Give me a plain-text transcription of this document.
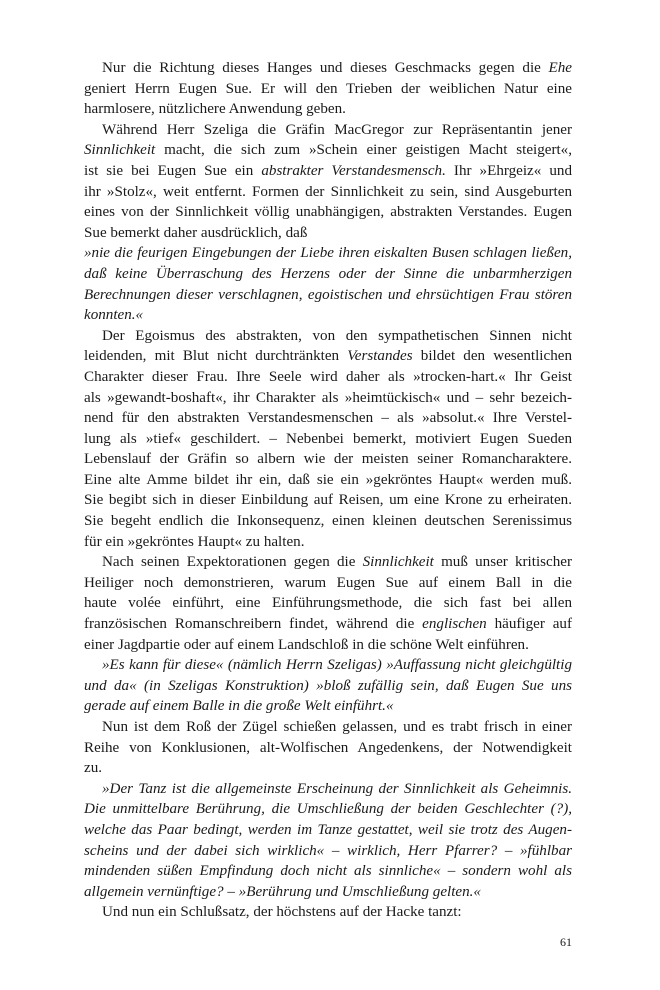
Nur die Richtung dieses Hanges und dieses Geschmacks gegen die Ehe
geniert Herrn Eugen Sue. Er will den Trieben der weiblichen Natur eine
harmlosere, nützlichere Anwendung geben.
Während Herr Szeliga die Gräfin MacGregor zur Repräsentantin jener
Sinnlichkeit macht, die sich zum »Schein einer geistigen Macht steigert«,
ist sie bei Eugen Sue ein abstrakter Verstandesmensch. Ihr »Ehrgeiz« und
ihr »Stolz«, weit entfernt. Formen der Sinnlichkeit zu sein, sind Ausgeburten
eines von der Sinnlichkeit völlig unabhängigen, abstrakten Verstandes. Eugen
Sue bemerkt daher ausdrücklich, daß
»nie die feurigen Eingebungen der Liebe ihren eiskalten Busen schlagen ließen,
daß keine Überraschung des Herzens oder der Sinne die unbarmherzigen
Berechnungen dieser verschlagnen, egoistischen und ehrsüchtigen Frau stören
konnten.«
Der Egoismus des abstrakten, von den sympathetischen Sinnen nicht
leidenden, mit Blut nicht durchtränkten Verstandes bildet den wesentlichen
Charakter dieser Frau. Ihre Seele wird daher als »trocken-hart.« Ihr Geist
als »gewandt-boshaft«, ihr Charakter als »heimtückisch« und – sehr bezeich-
nend für den abstrakten Verstandesmenschen – als »absolut.« Ihre Verstel-
lung als »tief« geschildert. – Nebenbei bemerkt, motiviert Eugen Sueden
Lebenslauf der Gräfin so albern wie der meisten seiner Romancharaktere.
Eine alte Amme bildet ihr ein, daß sie ein »gekröntes Haupt« werden muß.
Sie begibt sich in dieser Einbildung auf Reisen, um eine Krone zu erheiraten.
Sie begeht endlich die Inkonsequenz, einen kleinen deutschen Serenissimus
für ein »gekröntes Haupt« zu halten.
Nach seinen Expektorationen gegen die Sinnlichkeit muß unser kritischer
Heiliger noch demonstrieren, warum Eugen Sue auf einem Ball in die
haute volée einführt, eine Einführungsmethode, die sich fast bei allen
französischen Romanschreibern findet, während die englischen häufiger auf
einer Jagdpartie oder auf einem Landschloß in die schöne Welt einführen.
»Es kann für diese« (nämlich Herrn Szeligas) »Auffassung nicht gleichgültig
und da« (in Szeligas Konstruktion) »bloß zufällig sein, daß Eugen Sue uns
gerade auf einem Balle in die große Welt einführt.«
Nun ist dem Roß der Zügel schießen gelassen, und es trabt frisch in einer
Reihe von Konklusionen, alt-Wolfischen Angedenkens, der Notwendigkeit
zu.
»Der Tanz ist die allgemeinste Erscheinung der Sinnlichkeit als Geheimnis.
Die unmittelbare Berührung, die Umschließung der beiden Geschlechter (?),
welche das Paar bedingt, werden im Tanze gestattet, weil sie trotz des Augen-
scheins und der dabei sich wirklich« – wirklich, Herr Pfarrer? – »fühlbar
mindenden süßen Empfindung doch nicht als sinnliche« – sondern wohl als
allgemein vernünftige? – »Berührung und Umschließung gelten.«
Und nun ein Schlußsatz, der höchstens auf der Hacke tanzt:
61
